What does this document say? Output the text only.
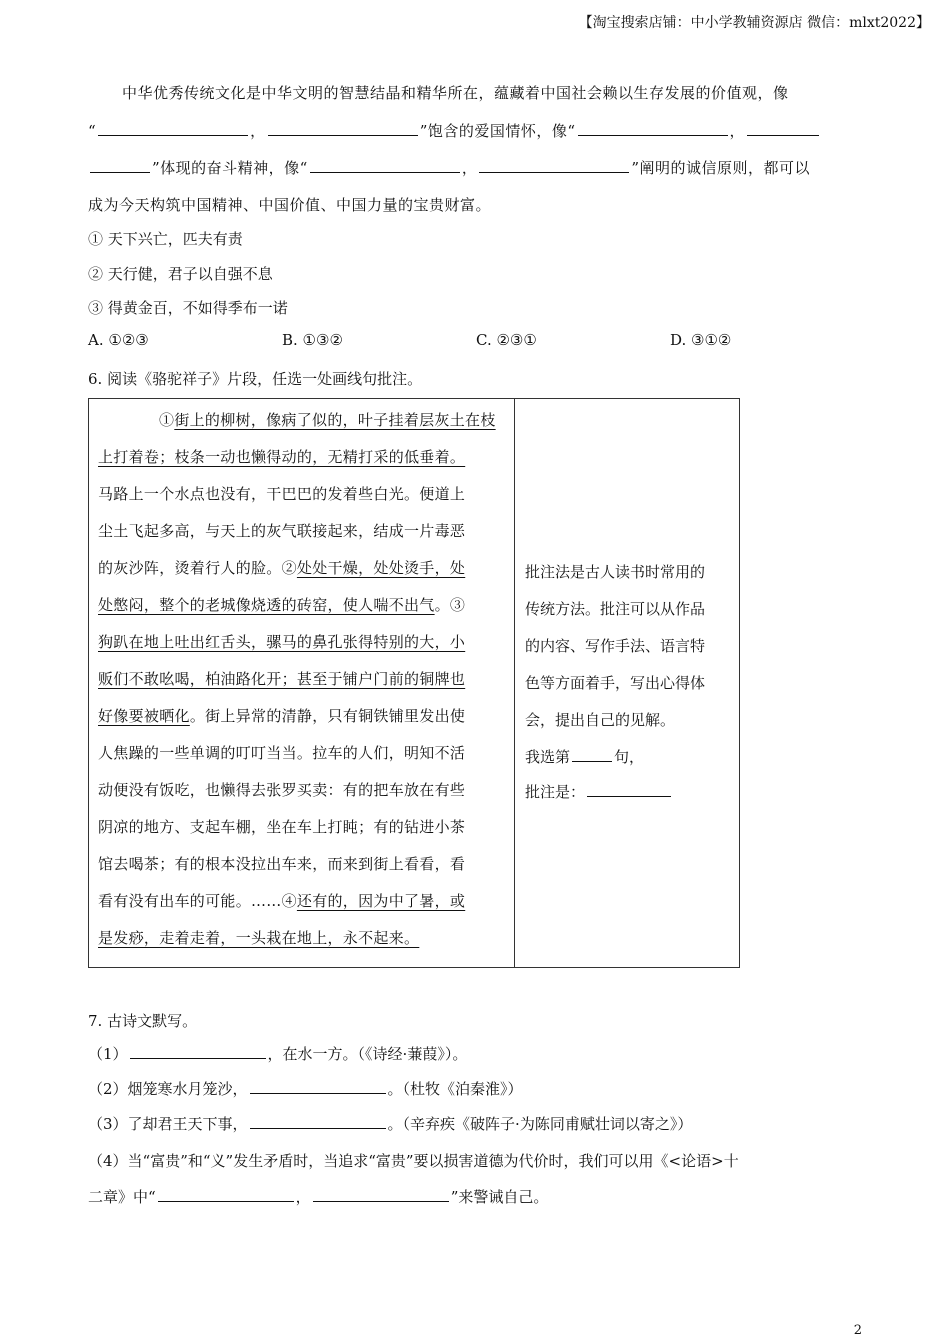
【淘宝搜索店铺：中小学教辅资源店 微信：mlxt2022】
中华优秀传统文化是中华文明的智慧结晶和精华所在，蕴藏着中国社会赖以生存发展的价值观，像
“	，	”饱含的爱国情怀，像“	，
”体现的奋斗精神，像“	，	”阐明的诚信原则，都可以
成为今天构筑中国精神、中国价值、中国力量的宝贵财富。
① 天下兴亡，匹夫有责
② 天行健，君子以自强不息
③ 得黄金百，不如得季布一诺
A. ①②③	B. ①③②	C. ②③①	D. ③①②
6. 阅读《骆驼祥子》片段，任选一处画线句批注。
①街上的柳树，像病了似的，叶子挂着层灰土在枝
上打着卷；枝条一动也懒得动的，无精打采的低垂着。
马路上一个水点也没有，干巴巴的发着些白光。便道上
尘土飞起多高，与天上的灰气联接起来，结成一片毒恶
的灰沙阵，烫着行人的脸。②处处干燥，处处烫手，处
处憋闷，整个的老城像烧透的砖窑，使人喘不出气。③
狗趴在地上吐出红舌头，骡马的鼻孔张得特别的大，小
贩们不敢吆喝，柏油路化开；甚至于铺户门前的铜牌也
好像要被晒化。街上异常的清静，只有铜铁铺里发出使
人焦躁的一些单调的叮叮当当。拉车的人们，明知不活
动便没有饭吃，也懒得去张罗买卖：有的把车放在有些
阴凉的地方、支起车棚，坐在车上打盹；有的钻进小茶
馆去喝茶；有的根本没拉出车来，而来到街上看看，看
看有没有出车的可能。……④还有的，因为中了暑，或
是发痧，走着走着，一头栽在地上，永不起来。
批注法是古人读书时常用的
传统方法。批注可以从作品
的内容、写作手法、语言特
色等方面着手，写出心得体
会，提出自己的见解。
我选第	句，
批注是：
7. 古诗文默写。
（1）	，在水一方。（《诗经·蒹葭》）。
（2）烟笼寒水月笼沙，	。（杜牧《泊秦淮》）
（3）了却君王天下事，	。（辛弃疾《破阵子·为陈同甫赋壮词以寄之》）
（4）当“富贵”和“义”发生矛盾时，当追求“富贵”要以损害道德为代价时，我们可以用《<论语>十
二章》中“	，	”来警诫自己。
2
